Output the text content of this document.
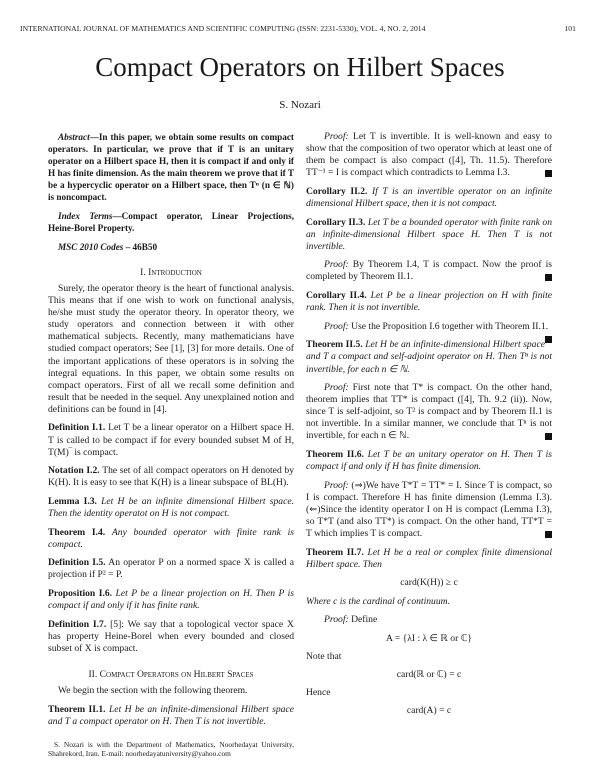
INTERNATIONAL JOURNAL OF MATHEMATICS AND SCIENTIFIC COMPUTING (ISSN: 2231-5330), VOL. 4, NO. 2, 2014	101
Compact Operators on Hilbert Spaces
S. Nozari
Abstract—In this paper, we obtain some results on compact operators. In particular, we prove that if T is an unitary operator on a Hilbert space H, then it is compact if and only if H has finite dimension. As the main theorem we prove that if T be a hypercyclic operator on a Hilbert space, then Tⁿ (n ∈ ℕ) is noncompact.
Index Terms—Compact operator, Linear Projections, Heine-Borel Property.
MSC 2010 Codes – 46B50
I. Introduction
Surely, the operator theory is the heart of functional analysis. This means that if one wish to work on functional analysis, he/she must study the operator theory. In operator theory, we study operators and connection between it with other mathematical subjects. Recently, many mathematicians have studied compact operators; See [1], [3] for more details. One of the important applications of these operators is in solving the integral equations. In this paper, we obtain some results on compact operators. First of all we recall some definition and result that be needed in the sequel. Any unexplained notion and definitions can be found in [4].
Definition I.1. Let T be a linear operator on a Hilbert space H. T is called to be compact if for every bounded subset M of H, T(M)‾ is compact.
Notation I.2. The set of all compact operators on H denoted by K(H). It is easy to see that K(H) is a linear subspace of BL(H).
Lemma I.3. Let H be an infinite dimensional Hilbert space. Then the identity operatot on H is not compact.
Theorem I.4. Any bounded operator with finite rank is compact.
Definition I.5. An operator P on a normed space X is called a projection if P² = P.
Proposition I.6. Let P be a linear projection on H. Then P is compact if and only if it has finite rank.
Definition I.7. [5]: We say that a topological vector space X has property Heine-Borel when every bounded and closed subset of X is compact.
II. Compact Operators on Hilbert Spaces
We begin the section with the following theorem.
Theorem II.1. Let H be an infinite-dimensional Hilbert space and T a compact operator on H. Then T is not invertible.
S. Nozari is with the Department of Mathematics, Noorhedayat University, Shahrekord, Iran. E-mail: noorhedayatuniversity@yahoo.com
Proof: Let T is invertible. It is well-known and easy to show that the composition of two operator which at least one of them be compact is also compact ([4], Th. 11.5). Therefore TT⁻¹ = I is compact which contradicts to Lemma I.3.
Corollary II.2. If T is an invertible operator on an infinite dimensional Hilbert space, then it is not compact.
Corollary II.3. Let T be a bounded operator with finite rank on an infinite-dimensional Hilbert space H. Then T is not invertible.
Proof: By Theorem I.4, T is compact. Now the proof is completed by Theorem II.1.
Corollary II.4. Let P be a linear projection on H with finite rank. Then it is not invertible.
Proof: Use the Proposition I.6 together with Theorem II.1.
Theorem II.5. Let H be an infinite-dimensional Hilbert space and T a compact and self-adjoint operator on H. Then Tⁿ is not invertible, for each n ∈ ℕ.
Proof: First note that T* is compact. On the other hand, theorem implies that TT* is compact ([4], Th. 9.2 (ii)). Now, since T is self-adjoint, so T² is compact and by Theorem II.1 is not invertible. In a similar manner, we conclude that Tⁿ is not invertible, for each n ∈ ℕ.
Theorem II.6. Let T be an unitary operator on H. Then T is compact if and only if H has finite dimension.
Proof: (⇒)We have T*T = TT* = I. Since T is compact, so I is compact. Therefore H has finite dimension (Lemma I.3). (⇐)Since the identity operator I on H is compact (Lemma I.3), so T*T (and also TT*) is compact. On the other hand, TT*T = T which implies T is compact.
Theorem II.7. Let H be a real or complex finite dimensional Hilbert space. Then
card(K(H)) ≥ c
Where c is the cardinal of continuum.
Proof: Define
A = {λI : λ ∈ ℝ or ℂ}
Note that
card(ℝ or ℂ) = c
Hence
card(A) = c
